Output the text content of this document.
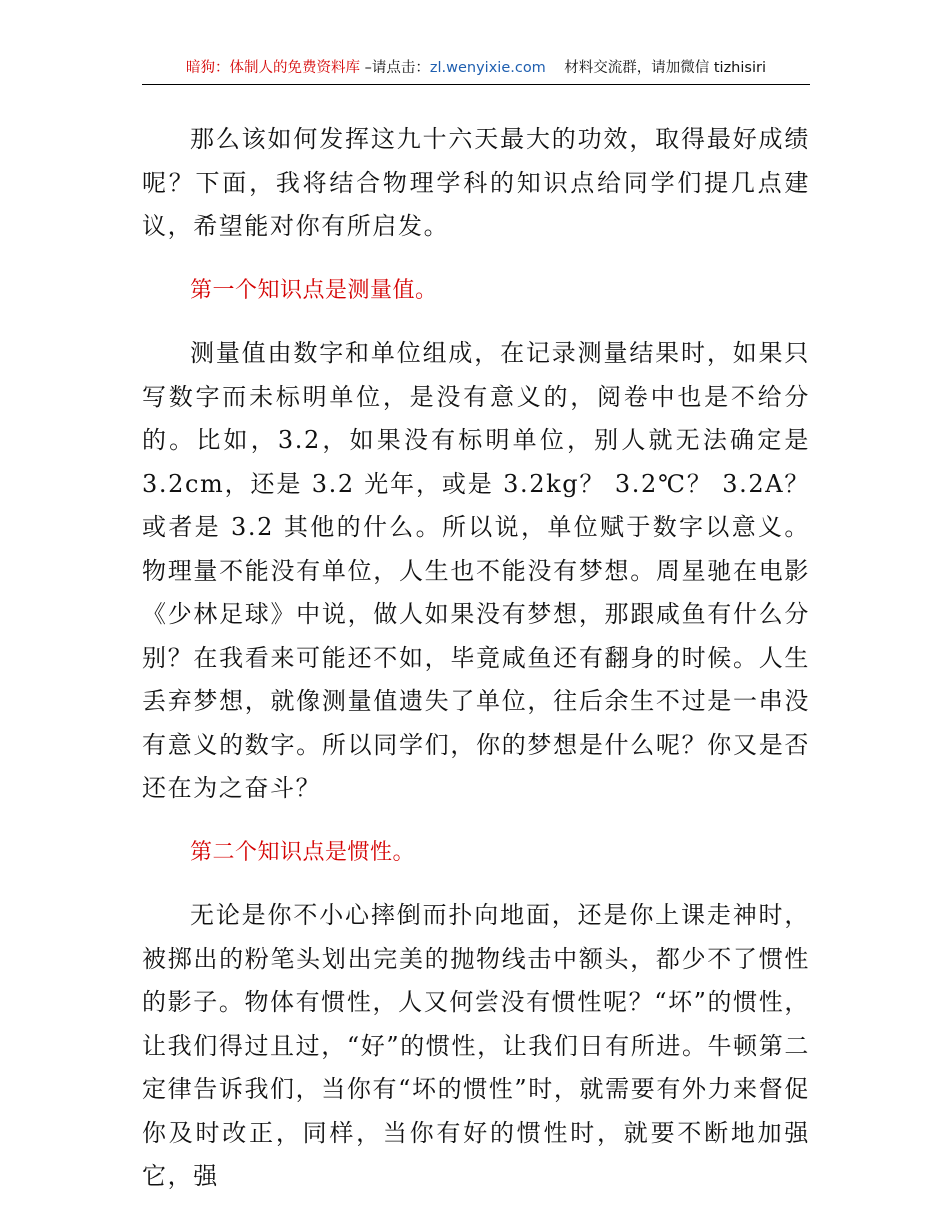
暗狗：体制人的免费资料库 –请点击：zl.wenyixie.com 材料交流群，请加微信 tizhisiri

那么该如何发挥这九十六天最大的功效，取得最好成绩呢？下面，我将结合物理学科的知识点给同学们提几点建议，希望能对你有所启发。

第一个知识点是测量值。

测量值由数字和单位组成，在记录测量结果时，如果只写数字而未标明单位，是没有意义的，阅卷中也是不给分的。比如，3.2，如果没有标明单位，别人就无法确定是 3.2cm，还是 3.2 光年，或是 3.2kg？ 3.2℃？ 3.2A？或者是 3.2 其他的什么。所以说，单位赋于数字以意义。物理量不能没有单位，人生也不能没有梦想。周星驰在电影《少林足球》中说，做人如果没有梦想，那跟咸鱼有什么分别？在我看来可能还不如，毕竟咸鱼还有翻身的时候。人生丢弃梦想，就像测量值遗失了单位，往后余生不过是一串没有意义的数字。所以同学们，你的梦想是什么呢？你又是否还在为之奋斗？

第二个知识点是惯性。

无论是你不小心摔倒而扑向地面，还是你上课走神时，被掷出的粉笔头划出完美的抛物线击中额头，都少不了惯性的影子。物体有惯性，人又何尝没有惯性呢？“坏”的惯性，让我们得过且过，“好”的惯性，让我们日有所进。牛顿第二定律告诉我们，当你有“坏的惯性”时，就需要有外力来督促你及时改正，同样，当你有好的惯性时，就要不断地加强它，强
